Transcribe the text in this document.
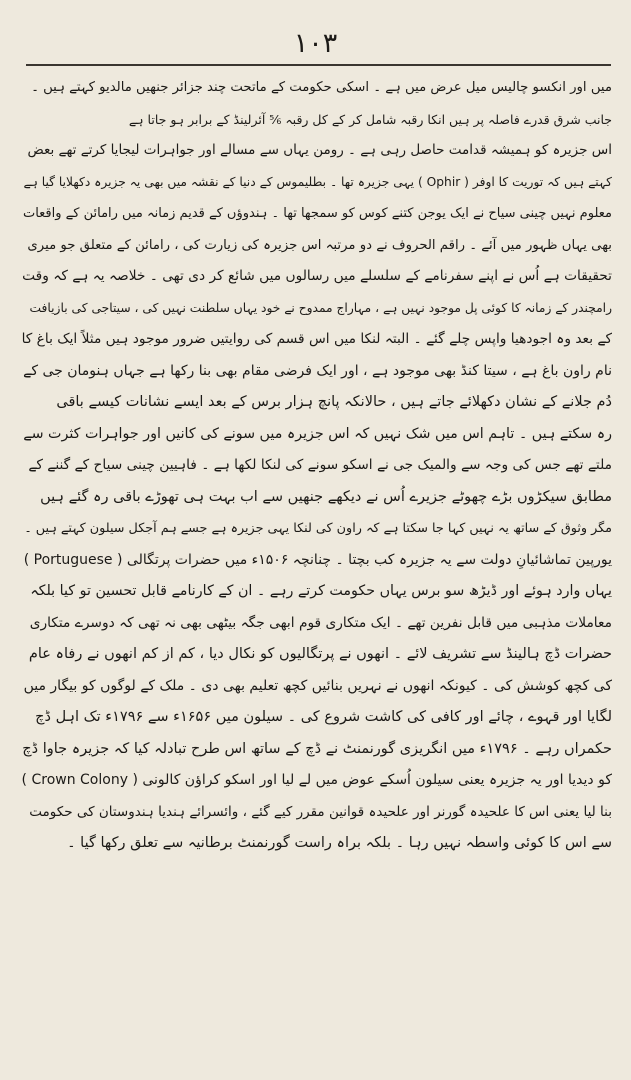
١٠٣
میں اور انکسو چالیس میل عرض میں ہے ۔ اسکی حکومت کے ماتحت چند جزائر جنھیں مالدیو کہتے ہیں ۔
جانب شرق قدرے فاصلہ پر ہیں انکا رقبہ شامل کر کے کل رقبہ ⅚ آئرلینڈ کے برابر ہو جاتا ہے
اس جزیرہ کو ہمیشہ قدامت حاصل رہی ہے ۔ رومن یہاں سے مسالے اور جواہرات لیجایا کرتے تھے بعض
کہتے ہیں کہ توریت کا اوفر ( Ophir ) یہی جزیرہ تھا ۔ بطلیموس کے دنیا کے نقشہ میں بھی یہ جزیرہ دکھلایا گیا ہے
معلوم نہیں چینی سیاح نے ایک یوجن کتنے کوس کو سمجھا تھا ۔ ہندوؤں کے قدیم زمانہ میں رامائن کے واقعات
بھی یہاں ظہور میں آئے ۔ راقم الحروف نے دو مرتبہ اس جزیرہ کی زیارت کی ، رامائن کے متعلق جو میری
تحقیقات ہے اُس نے اپنے سفرنامے کے سلسلے میں رسالوں میں شائع کر دی تھی ۔ خلاصہ یہ ہے کہ وقت
رامچندر کے زمانہ کا کوئی پل موجود نہیں ہے ، مہاراج ممدوح نے خود یہاں سلطنت نہیں کی ، سیتاجی کی بازیافت
کے بعد وہ اجودھیا واپس چلے گئے ۔ البتہ لنکا میں اس قسم کی روایتیں ضرور موجود ہیں مثلاً ایک باغ کا
نام راون باغ ہے ، سیتا کنڈ بھی موجود ہے ، اور ایک فرضی مقام بھی بنا رکھا ہے جہاں ہنومان جی کے
دُم جلانے کے نشان دکھلائے جاتے ہیں ، حالانکہ پانچ ہزار برس کے بعد ایسے نشانات کیسے باقی
رہ سکتے ہیں ۔ تاہم اس میں شک نہیں کہ اس جزیرہ میں سونے کی کانیں اور جواہرات کثرت سے
ملتے تھے جس کی وجہ سے والمیک جی نے اسکو سونے کی لنکا لکھا ہے ۔ فاہیین چینی سیاح کے گننے کے
مطابق سیکڑوں بڑے چھوٹے جزیرے اُس نے دیکھے جنھیں سے اب بہت ہی تھوڑے باقی رہ گئے ہیں
مگر وثوق کے ساتھ یہ نہیں کہا جا سکتا ہے کہ راون کی لنکا یہی جزیرہ ہے جسے ہم آجکل سیلون کہتے ہیں ۔
یورپین تماشائیانِ دولت سے یہ جزیرہ کب بچتا ۔ چنانچہ ۱۵۰۶ء میں حضرات پرتگالی ( Portuguese )
یہاں وارد ہوئے اور ڈیڑھ سو برس یہاں حکومت کرتے رہے ۔ ان کے کارنامے قابل تحسین تو کیا بلکہ
معاملات مذہبی میں قابل نفرین تھے ۔ ایک متکاری قوم ابھی جگہ بیٹھی بھی نہ تھی کہ دوسرے متکاری
حضرات ڈچ ہالینڈ سے تشریف لائے ۔ انھوں نے پرتگالیوں کو نکال دیا ، کم از کم انھوں نے رفاہ عام
کی کچھ کوشش کی ۔ کیونکہ انھوں نے نہریں بنائیں کچھ تعلیم بھی دی ۔ ملک کے لوگوں کو بیگار میں
لگایا اور قہوے ، چائے اور کافی کی کاشت شروع کی ۔ سیلون میں ۱۶۵۶ء سے ۱۷۹۶ء تک اہل ڈچ
حکمراں رہے ۔ ۱۷۹۶ء میں انگریزی گورنمنٹ نے ڈچ کے ساتھ اس طرح تبادلہ کیا کہ جزیرہ جاوا ڈچ
کو دیدیا اور یہ جزیرہ یعنی سیلون اُسکے عوض میں لے لیا اور اسکو کراؤن کالونی ( Crown Colony )
بنا لیا یعنی اس کا علحیدہ گورنر اور علحیدہ قوانین مقرر کیے گئے ، وائسرائے ہندیا ہندوستان کی حکومت
سے اس کا کوئی واسطہ نہیں رہا ۔ بلکہ براہ راست گورنمنٹ برطانیہ سے تعلق رکھا گیا ۔
